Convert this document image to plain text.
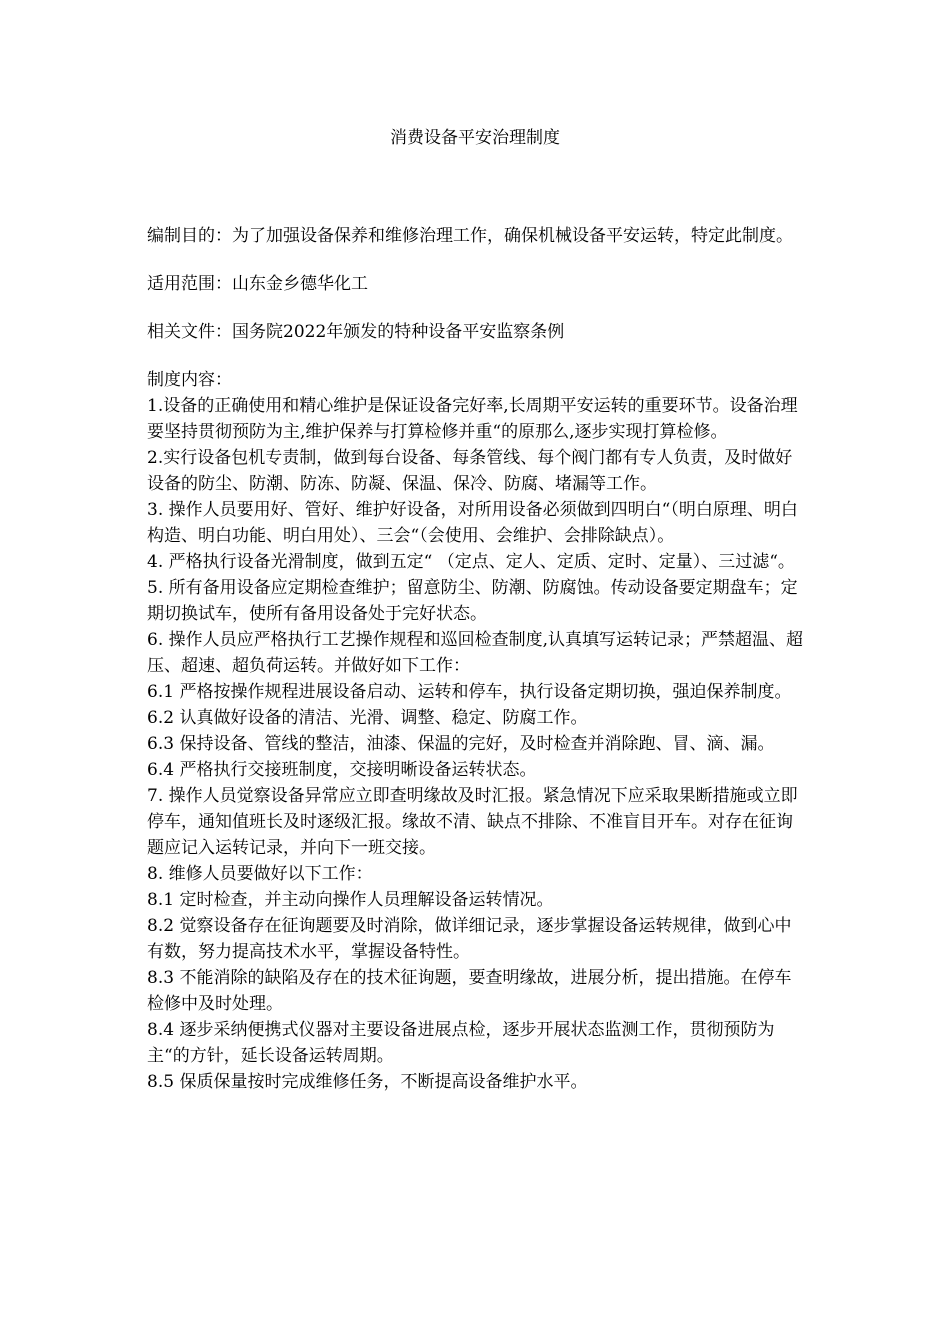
消费设备平安治理制度

编制目的：为了加强设备保养和维修治理工作，确保机械设备平安运转，特定此制度。

适用范围：山东金乡德华化工

相关文件：国务院2022年颁发的特种设备平安监察条例

制度内容：

1.设备的正确使用和精心维护是保证设备完好率,长周期平安运转的重要环节。设备治理要坚持贯彻预防为主,维护保养与打算检修并重“的原那么,逐步实现打算检修。

2.实行设备包机专责制，做到每台设备、每条管线、每个阀门都有专人负责，及时做好设备的防尘、防潮、防冻、防凝、保温、保冷、防腐、堵漏等工作。

3. 操作人员要用好、管好、维护好设备，对所用设备必须做到四明白“（明白原理、明白构造、明白功能、明白用处）、三会“（会使用、会维护、会排除缺点）。

4. 严格执行设备光滑制度，做到五定“ （定点、定人、定质、定时、定量）、三过滤“。

5. 所有备用设备应定期检查维护；留意防尘、防潮、防腐蚀。传动设备要定期盘车；定期切换试车，使所有备用设备处于完好状态。

6. 操作人员应严格执行工艺操作规程和巡回检查制度,认真填写运转记录；严禁超温、超压、超速、超负荷运转。并做好如下工作：

6.1 严格按操作规程进展设备启动、运转和停车，执行设备定期切换，强迫保养制度。

6.2 认真做好设备的清洁、光滑、调整、稳定、防腐工作。

6.3 保持设备、管线的整洁，油漆、保温的完好，及时检查并消除跑、冒、滴、漏。

6.4 严格执行交接班制度，交接明晰设备运转状态。

7. 操作人员觉察设备异常应立即查明缘故及时汇报。紧急情况下应采取果断措施或立即停车，通知值班长及时逐级汇报。缘故不清、缺点不排除、不准盲目开车。对存在征询题应记入运转记录，并向下一班交接。

8. 维修人员要做好以下工作：

8.1 定时检查，并主动向操作人员理解设备运转情况。

8.2 觉察设备存在征询题要及时消除，做详细记录，逐步掌握设备运转规律，做到心中有数，努力提高技术水平，掌握设备特性。

8.3 不能消除的缺陷及存在的技术征询题，要查明缘故，进展分析，提出措施。在停车检修中及时处理。

8.4 逐步采纳便携式仪器对主要设备进展点检，逐步开展状态监测工作，贯彻预防为主“的方针，延长设备运转周期。

8.5 保质保量按时完成维修任务，不断提高设备维护水平。
